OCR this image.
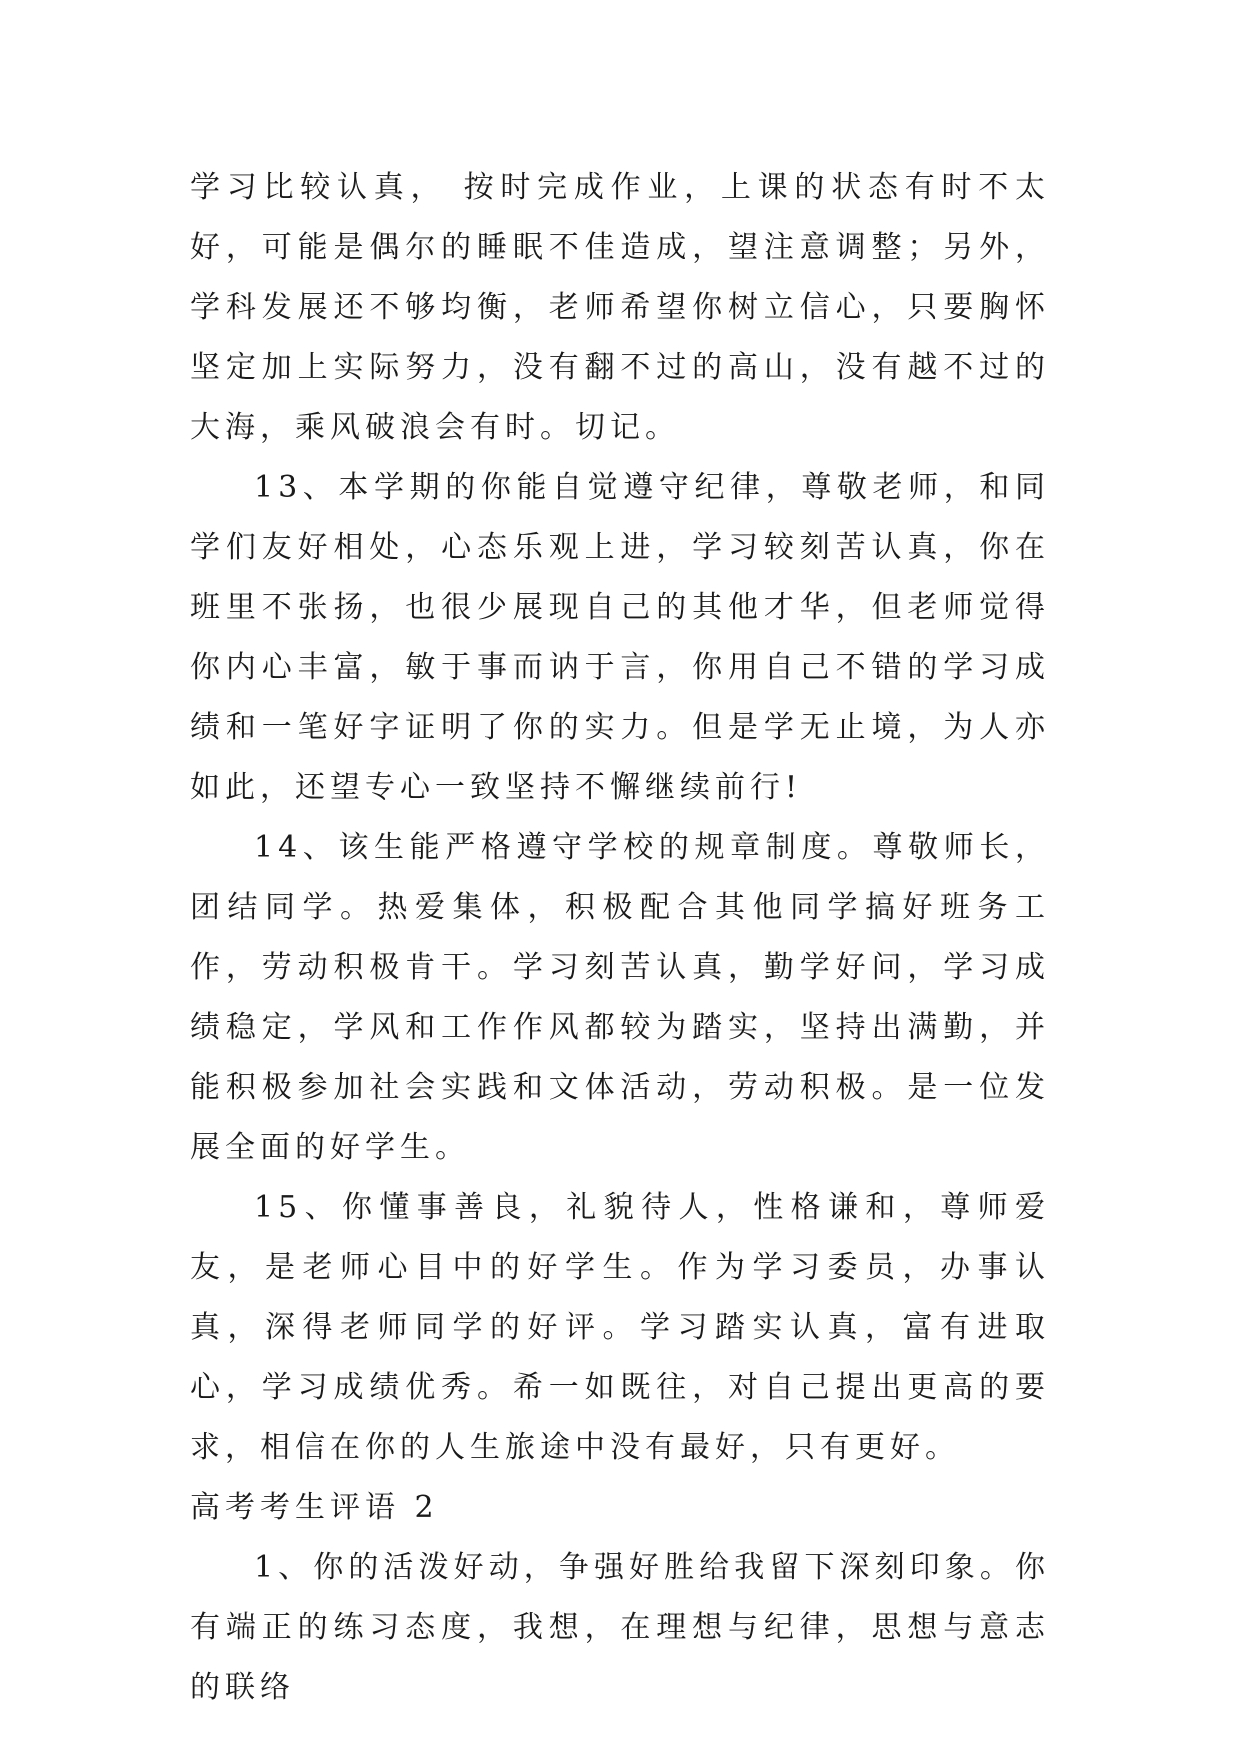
学习比较认真， 按时完成作业，上课的状态有时不太好，可能是偶尔的睡眠不佳造成，望注意调整；另外，学科发展还不够均衡，老师希望你树立信心，只要胸怀坚定加上实际努力，没有翻不过的高山，没有越不过的大海，乘风破浪会有时。切记。

13、本学期的你能自觉遵守纪律，尊敬老师，和同学们友好相处，心态乐观上进，学习较刻苦认真，你在班里不张扬，也很少展现自己的其他才华，但老师觉得你内心丰富，敏于事而讷于言，你用自己不错的学习成绩和一笔好字证明了你的实力。但是学无止境，为人亦如此，还望专心一致坚持不懈继续前行!

14、该生能严格遵守学校的规章制度。尊敬师长，团结同学。热爱集体，积极配合其他同学搞好班务工作，劳动积极肯干。学习刻苦认真，勤学好问，学习成绩稳定，学风和工作作风都较为踏实，坚持出满勤，并能积极参加社会实践和文体活动，劳动积极。是一位发展全面的好学生。

15、你懂事善良，礼貌待人，性格谦和，尊师爱友，是老师心目中的好学生。作为学习委员，办事认真，深得老师同学的好评。学习踏实认真，富有进取心，学习成绩优秀。希一如既往，对自己提出更高的要求，相信在你的人生旅途中没有最好，只有更好。

高考考生评语 2

1、你的活泼好动，争强好胜给我留下深刻印象。你有端正的练习态度，我想，在理想与纪律，思想与意志的联络
